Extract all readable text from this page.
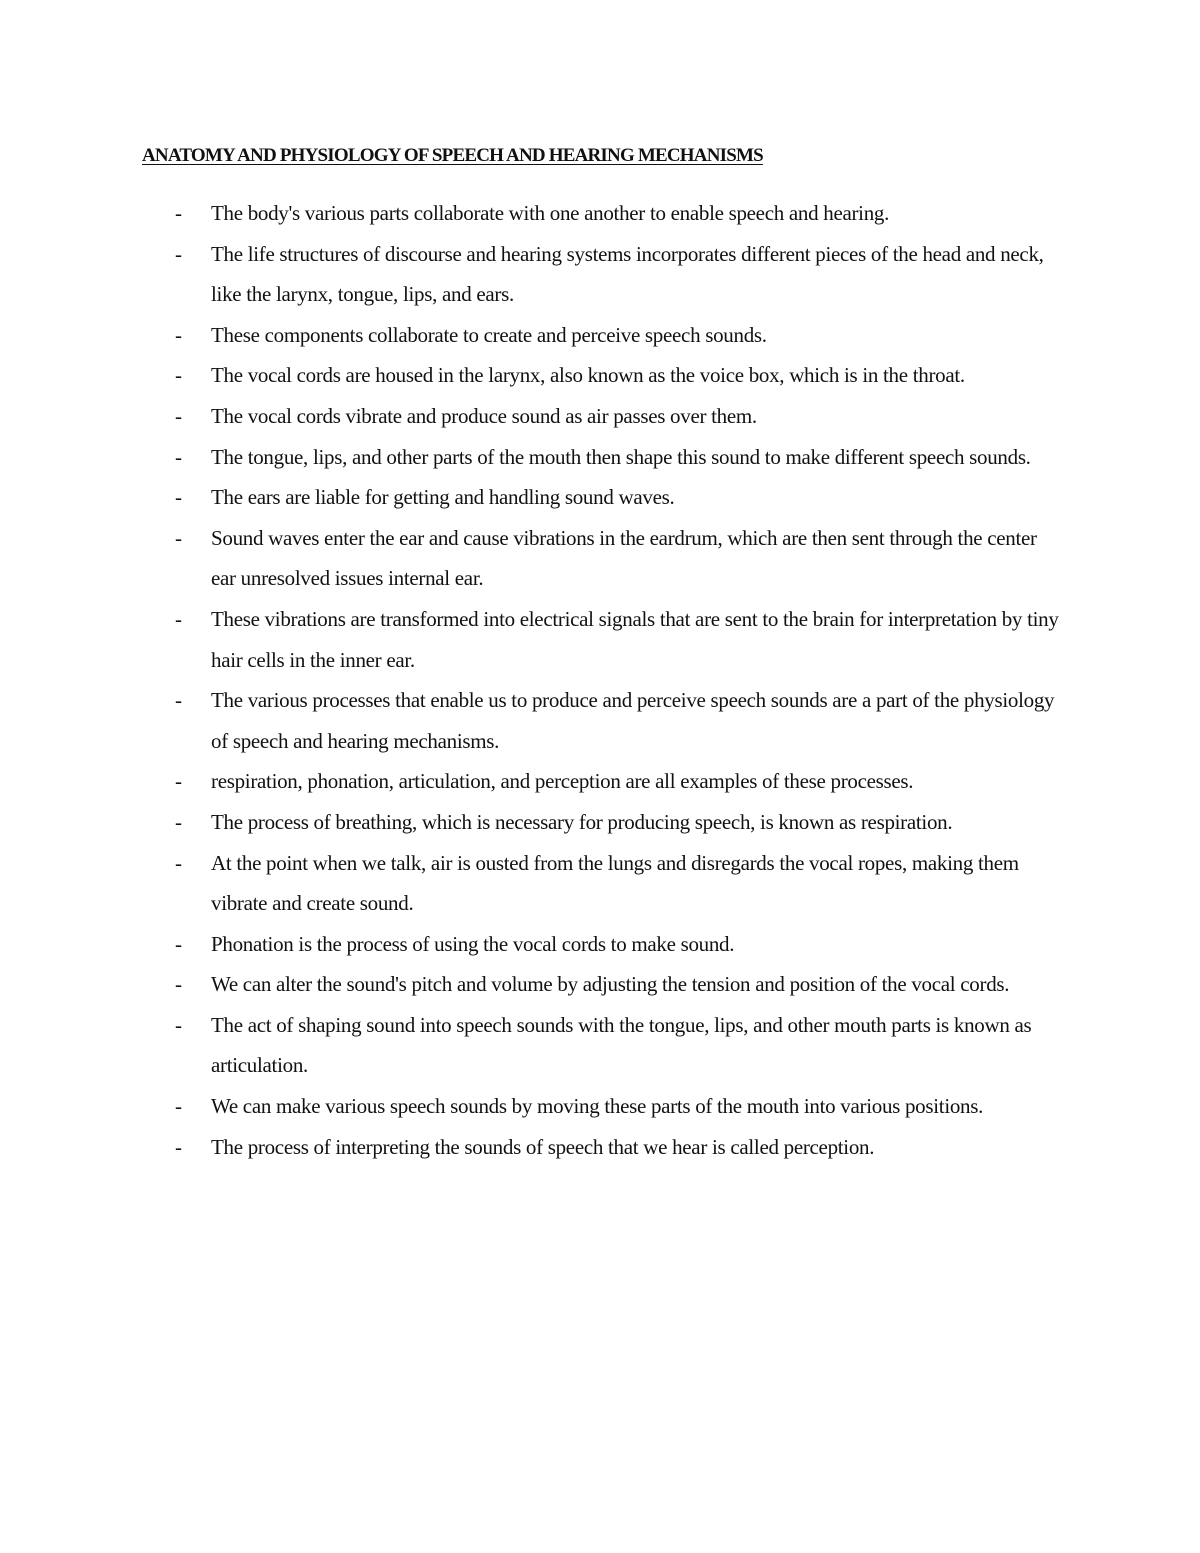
ANATOMY AND PHYSIOLOGY OF SPEECH AND HEARING MECHANISMS
- The body's various parts collaborate with one another to enable speech and hearing.
- The life structures of discourse and hearing systems incorporates different pieces of the head and neck, like the larynx, tongue, lips, and ears.
- These components collaborate to create and perceive speech sounds.
- The vocal cords are housed in the larynx, also known as the voice box, which is in the throat.
- The vocal cords vibrate and produce sound as air passes over them.
- The tongue, lips, and other parts of the mouth then shape this sound to make different speech sounds.
- The ears are liable for getting and handling sound waves.
- Sound waves enter the ear and cause vibrations in the eardrum, which are then sent through the center ear unresolved issues internal ear.
- These vibrations are transformed into electrical signals that are sent to the brain for interpretation by tiny hair cells in the inner ear.
- The various processes that enable us to produce and perceive speech sounds are a part of the physiology of speech and hearing mechanisms.
- respiration, phonation, articulation, and perception are all examples of these processes.
- The process of breathing, which is necessary for producing speech, is known as respiration.
- At the point when we talk, air is ousted from the lungs and disregards the vocal ropes, making them vibrate and create sound.
- Phonation is the process of using the vocal cords to make sound.
- We can alter the sound's pitch and volume by adjusting the tension and position of the vocal cords.
- The act of shaping sound into speech sounds with the tongue, lips, and other mouth parts is known as articulation.
- We can make various speech sounds by moving these parts of the mouth into various positions.
- The process of interpreting the sounds of speech that we hear is called perception.
